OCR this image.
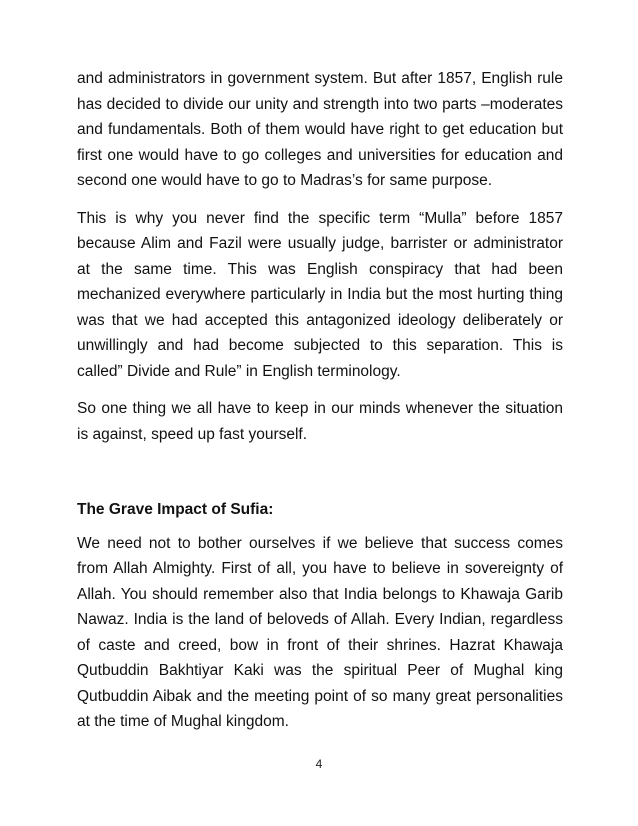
and administrators in government system. But after 1857, English rule has decided to divide our unity and strength into two parts –moderates and fundamentals. Both of them would have right to get education but first one would have to go colleges and universities for education and second one would have to go to Madras’s for same purpose.

This is why you never find the specific term “Mulla” before 1857 because Alim and Fazil were usually judge, barrister or administrator at the same time. This was English conspiracy that had been mechanized everywhere particularly in India but the most hurting thing was that we had accepted this antagonized ideology deliberately or unwillingly and had become subjected to this separation. This is called” Divide and Rule” in English terminology.

So one thing we all have to keep in our minds whenever the situation is against, speed up fast yourself.

The Grave Impact of Sufia:

We need not to bother ourselves if we believe that success comes from Allah Almighty. First of all, you have to believe in sovereignty of Allah. You should remember also that India belongs to Khawaja Garib Nawaz. India is the land of beloveds of Allah. Every Indian, regardless of caste and creed, bow in front of their shrines. Hazrat Khawaja Qutbuddin Bakhtiyar Kaki was the spiritual Peer of Mughal king Qutbuddin Aibak and the meeting point of so many great personalities at the time of Mughal kingdom.

4
